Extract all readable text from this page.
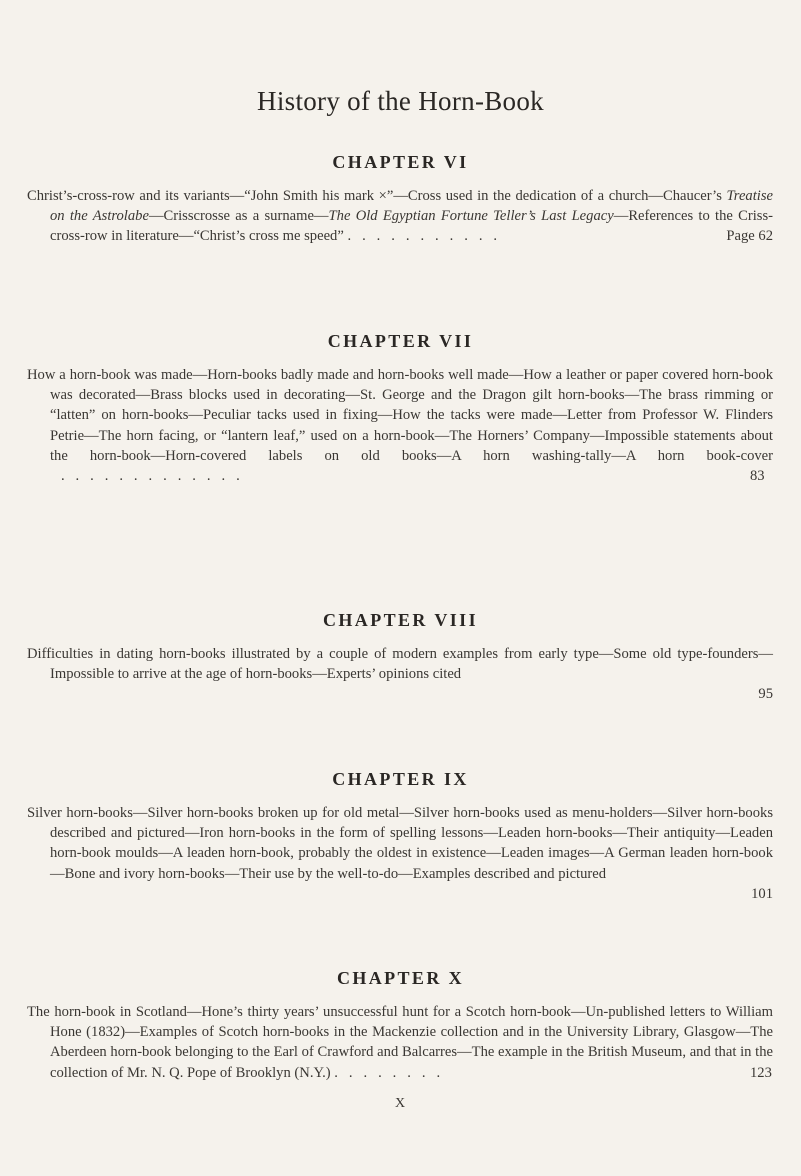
History of the Horn-Book
CHAPTER VI

Christ’s-cross-row and its variants—“John Smith his mark ×”—Cross used in the dedication of a church—Chaucer’s Treatise on the Astrolabe—Crisscrosse as a surname—The Old Egyptian Fortune Teller’s Last Legacy—References to the Criss-cross-row in literature—“Christ’s cross me speed” .   .   .   .   .   .   .   .   .   .   .	Page 62

CHAPTER VII

How a horn-book was made—Horn-books badly made and horn-books well made—How a leather or paper covered horn-book was decorated—Brass blocks used in decorating—St. George and the Dragon gilt horn-books—The brass rimming or “latten” on horn-books—Peculiar tacks used in fixing—How the tacks were made—Letter from Professor W. Flinders Petrie—The horn facing, or “lantern leaf,” used on a horn-book—The Horners’ Company—Impossible statements about the horn-book—Horn-covered labels on old books—A horn washing-tally—A horn book-cover   .   .   .   .   .   .   .   .   .   .   .   .   .	83

CHAPTER VIII

Difficulties in dating horn-books illustrated by a couple of modern examples from early type—Some old type-founders—Impossible to arrive at the age of horn-books—Experts’ opinions cited

95
CHAPTER IX

Silver horn-books—Silver horn-books broken up for old metal—Silver horn-books used as menu-holders—Silver horn-books described and pictured—Iron horn-books in the form of spelling lessons—Leaden horn-books—Their antiquity—Leaden horn-book moulds—A leaden horn-book, probably the oldest in existence—Leaden images—A German leaden horn-book—Bone and ivory horn-books—Their use by the well-to-do—Examples described and pictured

101
CHAPTER X

The horn-book in Scotland—Hone’s thirty years’ unsuccessful hunt for a Scotch horn-book—Un-published letters to William Hone (1832)—Examples of Scotch horn-books in the Mackenzie collection and in the University Library, Glasgow—The Aberdeen horn-book belonging to the Earl of Crawford and Balcarres—The example in the British Museum, and that in the collection of Mr. N. Q. Pope of Brooklyn (N.Y.) .   .   .   .   .   .   .   .	123

X
